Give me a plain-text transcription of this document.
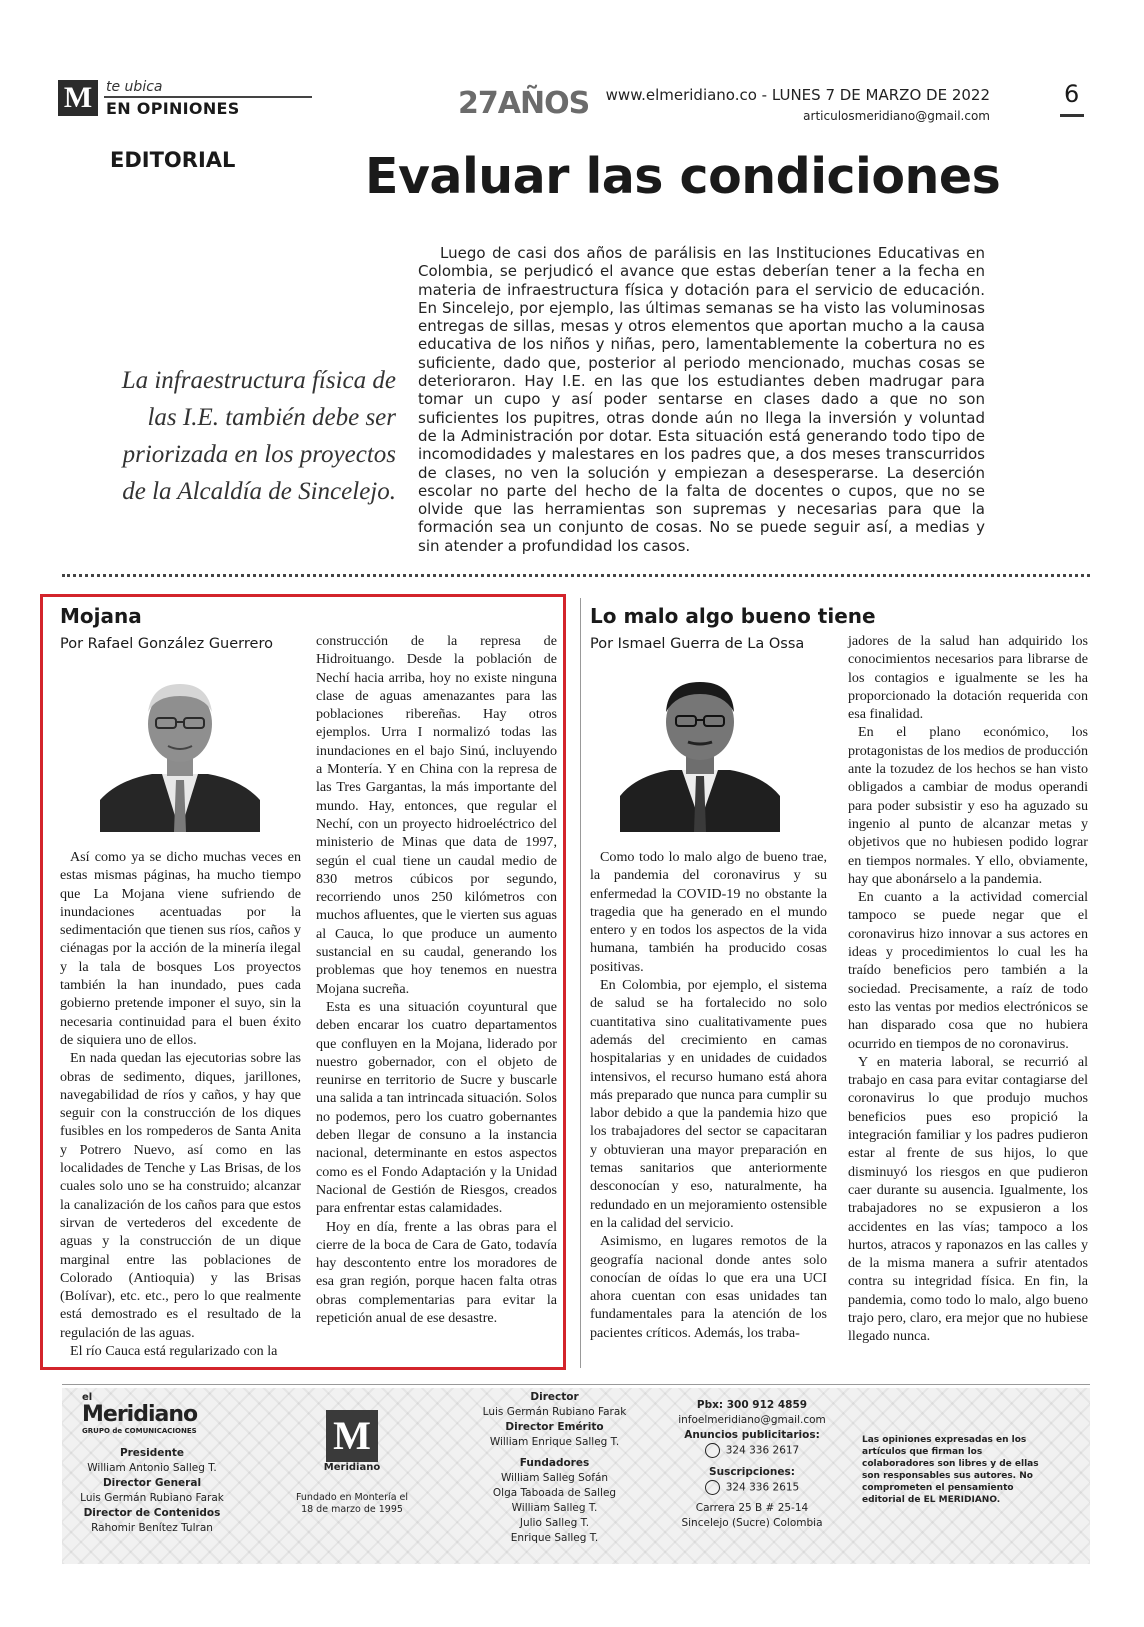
M te ubica
EN OPINIONES	27AÑOS www.elmeridiano.co - LUNES 7 DE MARZO DE 2022
articulosmeridiano@gmail.com
6
EDITORIAL	Evaluar las condiciones
La infraestructura física de las I.E. también debe ser priorizada en los proyectos de la Alcaldía de Sincelejo.

Luego de casi dos años de parálisis en las Instituciones Educativas en Colombia, se perjudicó el avance que estas deberían tener a la fecha en materia de infraestructura física y dotación para el servicio de educación. En Sincelejo, por ejemplo, las últimas semanas se ha visto las voluminosas entregas de sillas, mesas y otros elementos que aportan mucho a la causa educativa de los niños y niñas, pero, lamentablemente la cobertura no es suficiente, dado que, posterior al periodo mencionado, muchas cosas se deterioraron. Hay I.E. en las que los estudiantes deben madrugar para tomar un cupo y así poder sentarse en clases dado a que no son suficientes los pupitres, otras donde aún no llega la inversión y voluntad de la Administración por dotar. Esta situación está generando todo tipo de incomodidades y malestares en los padres que, a dos meses transcurridos de clases, no ven la solución y empiezan a desesperarse. La deserción escolar no parte del hecho de la falta de docentes o cupos, que no se olvide que las herramientas son supremas y necesarias para que la formación sea un conjunto de cosas. No se puede seguir así, a medias y sin atender a profundidad los casos.

Mojana
Por Rafael González Guerrero

Así como ya se dicho muchas veces en estas mismas páginas, ha mucho tiempo que La Mojana viene sufriendo de inundaciones acentuadas por la sedimentación que tienen sus ríos, caños y ciénagas por la acción de la minería ilegal y la tala de bosques Los proyectos también la han inundado, pues cada gobierno pretende imponer el suyo, sin la necesaria continuidad para el buen éxito de siquiera uno de ellos.

En nada quedan las ejecutorias sobre las obras de sedimento, diques, jarillones, navegabilidad de ríos y caños, y hay que seguir con la construcción de los diques fusibles en los rompederos de Santa Anita y Potrero Nuevo, así como en las localidades de Tenche y Las Brisas, de los cuales solo uno se ha construido; alcanzar la canalización de los caños para que estos sirvan de vertederos del excedente de aguas y la construcción de un dique marginal entre las poblaciones de Colorado (Antioquia) y las Brisas (Bolívar), etc. etc., pero lo que realmente está demostrado es el resultado de la regulación de las aguas.

El río Cauca está regularizado con la

construcción de la represa de Hidroituango. Desde la población de Nechí hacia arriba, hoy no existe ninguna clase de aguas amenazantes para las poblaciones ribereñas. Hay otros ejemplos. Urra I normalizó todas las inundaciones en el bajo Sinú, incluyendo a Montería. Y en China con la represa de las Tres Gargantas, la más importante del mundo. Hay, entonces, que regular el Nechí, con un proyecto hidroeléctrico del ministerio de Minas que data de 1997, según el cual tiene un caudal medio de 830 metros cúbicos por segundo, recorriendo unos 250 kilómetros con muchos afluentes, que le vierten sus aguas al Cauca, lo que produce un aumento sustancial en su caudal, generando los problemas que hoy tenemos en nuestra Mojana sucreña.

Esta es una situación coyuntural que deben encarar los cuatro departamentos que confluyen en la Mojana, liderado por nuestro gobernador, con el objeto de reunirse en territorio de Sucre y buscarle una salida a tan intrincada situación. Solos no podemos, pero los cuatro gobernantes deben llegar de consuno a la instancia nacional, determinante en estos aspectos como es el Fondo Adaptación y la Unidad Nacional de Gestión de Riesgos, creados para enfrentar estas calamidades.

Hoy en día, frente a las obras para el cierre de la boca de Cara de Gato, todavía hay descontento entre los moradores de esa gran región, porque hacen falta otras obras complementarias para evitar la repetición anual de ese desastre.

Lo malo algo bueno tiene
Por Ismael Guerra de La Ossa

Como todo lo malo algo de bueno trae, la pandemia del coronavirus y su enfermedad la COVID-19 no obstante la tragedia que ha generado en el mundo entero y en todos los aspectos de la vida humana, también ha producido cosas positivas.

En Colombia, por ejemplo, el sistema de salud se ha fortalecido no solo cuantitativa sino cualitativamente pues además del crecimiento en camas hospitalarias y en unidades de cuidados intensivos, el recurso humano está ahora más preparado que nunca para cumplir su labor debido a que la pandemia hizo que los trabajadores del sector se capacitaran y obtuvieran una mayor preparación en temas sanitarios que anteriormente desconocían y eso, naturalmente, ha redundado en un mejoramiento ostensible en la calidad del servicio.

Asimismo, en lugares remotos de la geografía nacional donde antes solo conocían de oídas lo que era una UCI ahora cuentan con esas unidades tan fundamentales para la atención de los pacientes críticos. Además, los traba-

jadores de la salud han adquirido los conocimientos necesarios para librarse de los contagios e igualmente se les ha proporcionado la dotación requerida con esa finalidad.

En el plano económico, los protagonistas de los medios de producción ante la tozudez de los hechos se han visto obligados a cambiar de modus operandi para poder subsistir y eso ha aguzado su ingenio al punto de alcanzar metas y objetivos que no hubiesen podido lograr en tiempos normales. Y ello, obviamente, hay que abonárselo a la pandemia.

En cuanto a la actividad comercial tampoco se puede negar que el coronavirus hizo innovar a sus actores en ideas y procedimientos lo cual les ha traído beneficios pero también a la sociedad. Precisamente, a raíz de todo esto las ventas por medios electrónicos se han disparado cosa que no hubiera ocurrido en tiempos de no coronavirus.

Y en materia laboral, se recurrió al trabajo en casa para evitar contagiarse del coronavirus lo que produjo muchos beneficios pues eso propició la integración familiar y los padres pudieron estar al frente de sus hijos, lo que disminuyó los riesgos en que pudieron caer durante su ausencia. Igualmente, los trabajadores no se expusieron a los accidentes en las vías; tampoco a los hurtos, atracos y raponazos en las calles y de la misma manera a sufrir atentados contra su integridad física. En fin, la pandemia, como todo lo malo, algo bueno trajo pero, claro, era mejor que no hubiese llegado nunca.

el
Meridiano
GRUPO de COMUNICACIONES
Presidente
William Antonio Salleg T.
Director General
Luis Germán Rubiano Farak
Director de Contenidos
Rahomir Benítez Tulran
M
Meridiano
Fundado en Montería el 18 de marzo de 1995
Director
Luis Germán Rubiano Farak
Director Emérito
William Enrique Salleg T.
Fundadores
William Salleg Sofán
Olga Taboada de Salleg
William Salleg T.
Julio Salleg T.
Enrique Salleg T.
Pbx: 300 912 4859
infoelmeridiano@gmail.com
Anuncios publicitarios:
324 336 2617
Suscripciones:
324 336 2615
Carrera 25 B # 25-14
Sincelejo (Sucre) Colombia
Las opiniones expresadas en los artículos que firman los colaboradores son libres y de ellas son responsables sus autores. No comprometen el pensamiento editorial de EL MERIDIANO.
